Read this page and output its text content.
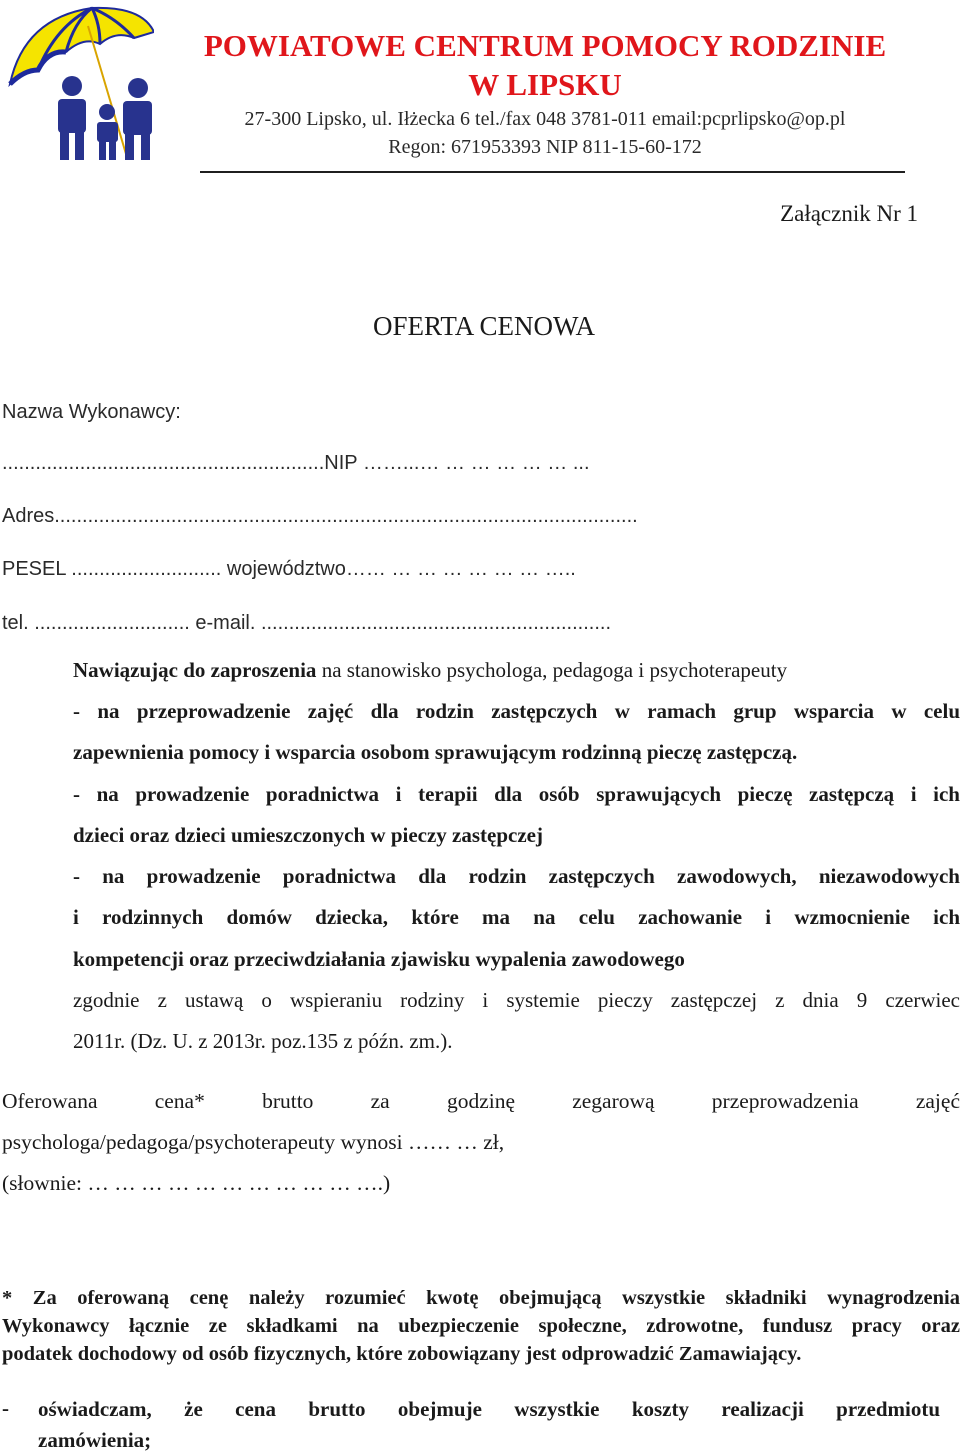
POWIATOWE CENTRUM POMOCY RODZINIE
W LIPSKU
27-300 Lipsko, ul. Iłżecka 6 tel./fax 048 3781-011 email:pcprlipsko@op.pl
Regon: 671953393 NIP 811-15-60-172
Załącznik Nr 1
OFERTA CENOWA
Nazwa Wykonawcy:
..........................................................NIP ……...… … … … … … ...
Adres.........................................................................................................
PESEL ........................... województwo…… … … … … … … …..
tel. ............................ e-mail. ...............................................................
Nawiązując do zaproszenia na stanowisko psychologa, pedagoga i psychoterapeuty
- na przeprowadzenie zajęć dla rodzin zastępczych w ramach grup wsparcia w celu
zapewnienia pomocy i wsparcia osobom sprawującym rodzinną pieczę zastępczą.
- na prowadzenie poradnictwa i terapii dla osób sprawujących pieczę zastępczą i ich
dzieci oraz dzieci umieszczonych w pieczy zastępczej
- na prowadzenie poradnictwa dla rodzin zastępczych zawodowych, niezawodowych
i rodzinnych domów dziecka, które ma na celu zachowanie i wzmocnienie ich
kompetencji oraz przeciwdziałania zjawisku wypalenia zawodowego
zgodnie z ustawą o wspieraniu rodziny i systemie pieczy zastępczej z dnia 9 czerwiec
2011r. (Dz. U. z 2013r. poz.135 z późn. zm.).
Oferowana cena* brutto za godzinę zegarową przeprowadzenia zajęć
psychologa/pedagoga/psychoterapeuty wynosi …… … zł,
(słownie: … … … … … … … … … … ….)
* Za oferowaną cenę należy rozumieć kwotę obejmującą wszystkie składniki wynagrodzenia
Wykonawcy łącznie ze składkami na ubezpieczenie społeczne, zdrowotne, fundusz pracy oraz
podatek dochodowy od osób fizycznych, które zobowiązany jest odprowadzić Zamawiający.
- oświadczam, że cena brutto obejmuje wszystkie koszty realizacji przedmiotu
zamówienia;
